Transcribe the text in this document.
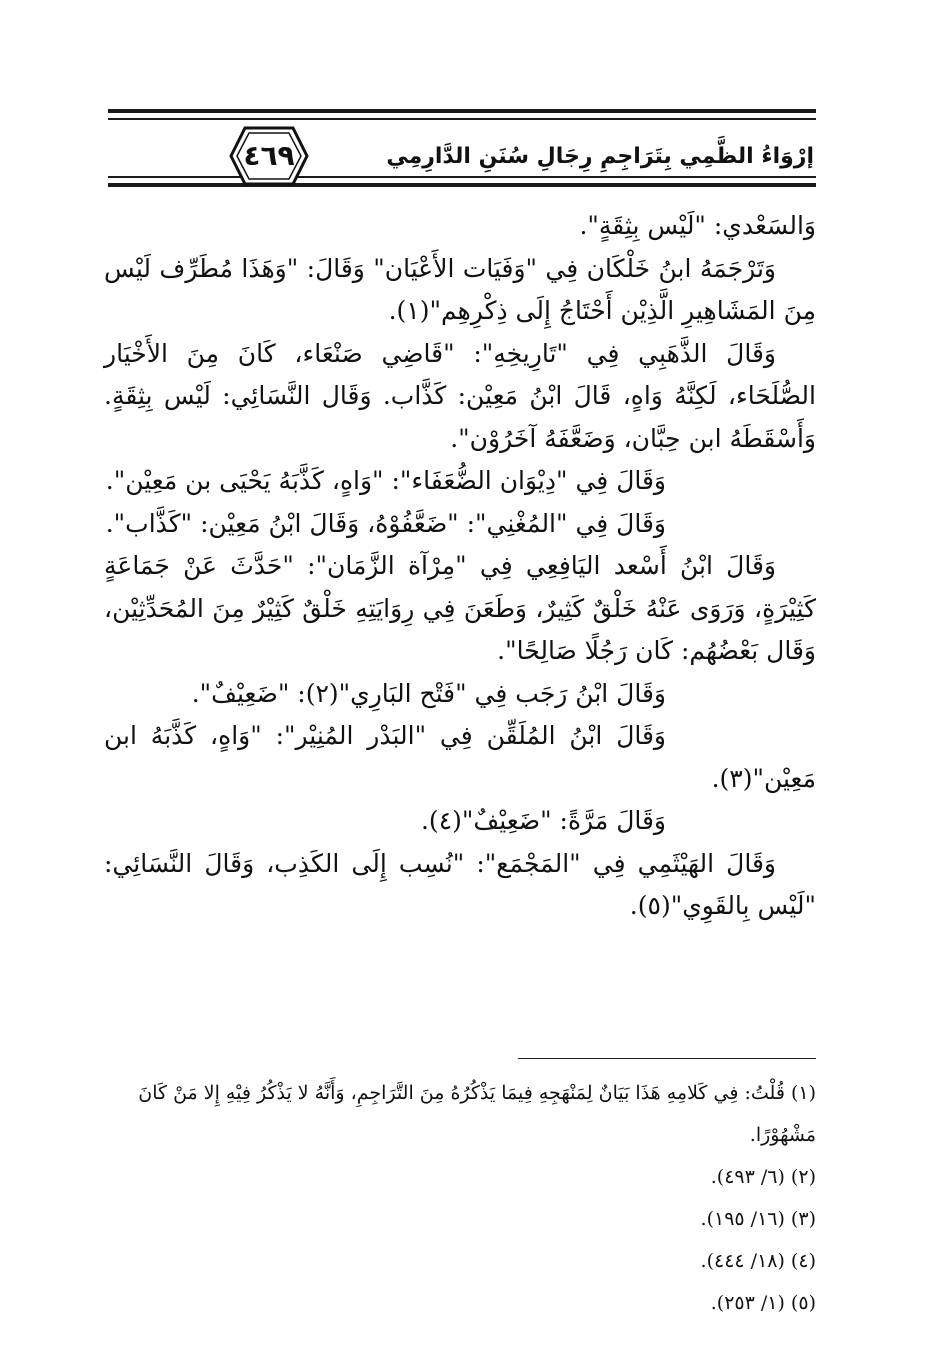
٤٦٩	إرْوَاءُ الظَّمِي بِتَرَاجِمِ رِجَالِ سُنَنِ الدَّارِمِي

وَالسَعْدي: "لَيْس بِثِقَةٍ".

وَتَرْجَمَهُ ابنُ خَلْكَان فِي "وَفَيَات الأَعْيَان" وَقَالَ: "وَهَذَا مُطَرِّف لَيْس مِنَ المَشَاهِيرِ الَّذِيْن أَحْتَاجُ إِلَى ذِكْرِهِم"(١).

وَقَالَ الذَّهَبِي فِي "تَارِيخِهِ": "قَاضِي صَنْعَاء، كَانَ مِنَ الأَخْيَار الصُّلَحَاء، لَكِنَّهُ وَاهٍ، قَالَ ابْنُ مَعِيْن: كَذَّاب. وَقَال النَّسَائِي: لَيْس بِثِقَةٍ. وَأَسْقَطَهُ ابن حِبَّان، وَضَعَّفَهُ آخَرُوْن".

وَقَالَ فِي "دِيْوَان الضُّعَفَاء": "وَاهٍ، كَذَّبَهُ يَحْيَى بن مَعِيْن".

وَقَالَ فِي "المُغْنِي": "ضَعَّفُوْهُ، وَقَالَ ابْنُ مَعِيْن: "كَذَّاب".

وَقَالَ ابْنُ أَسْعد اليَافِعِي فِي "مِرْآة الزَّمَان": "حَدَّثَ عَنْ جَمَاعَةٍ كَثِيْرَةٍ، وَرَوَى عَنْهُ خَلْقٌ كَثِيرٌ، وَطَعَنَ فِي رِوَايَتِهِ خَلْقٌ كَثِيْرٌ مِنَ المُحَدِّثِيْن، وَقَال بَعْضُهُم: كَان رَجُلًا صَالِحًا".

وَقَالَ ابْنُ رَجَب فِي "فَتْح البَارِي"(٢): "ضَعِيْفٌ".

وَقَالَ ابْنُ المُلَقِّن فِي "البَدْر المُنِيْر": "وَاهٍ، كَذَّبَهُ ابن مَعِيْن"(٣).

وَقَالَ مَرَّةً: "ضَعِيْفٌ"(٤).

وَقَالَ الهَيْثَمِي فِي "المَجْمَع": "نُسِب إِلَى الكَذِب، وَقَالَ النَّسَائِي: "لَيْس بِالقَوِي"(٥).

(١) قُلْتُ: فِي كَلامِهِ هَذَا بَيَانٌ لِمَنْهَجِهِ فِيمَا يَذْكُرُهُ مِنَ التَّرَاجِمِ، وَأَنَّهُ لا يَذْكُرُ فِيْهِ إِلا مَنْ كَانَ مَشْهُوْرًا.

(٢) (٦/ ٤٩٣).

(٣) (١٦/ ١٩٥).

(٤) (١٨/ ٤٤٤).

(٥) (١/ ٢٥٣).
